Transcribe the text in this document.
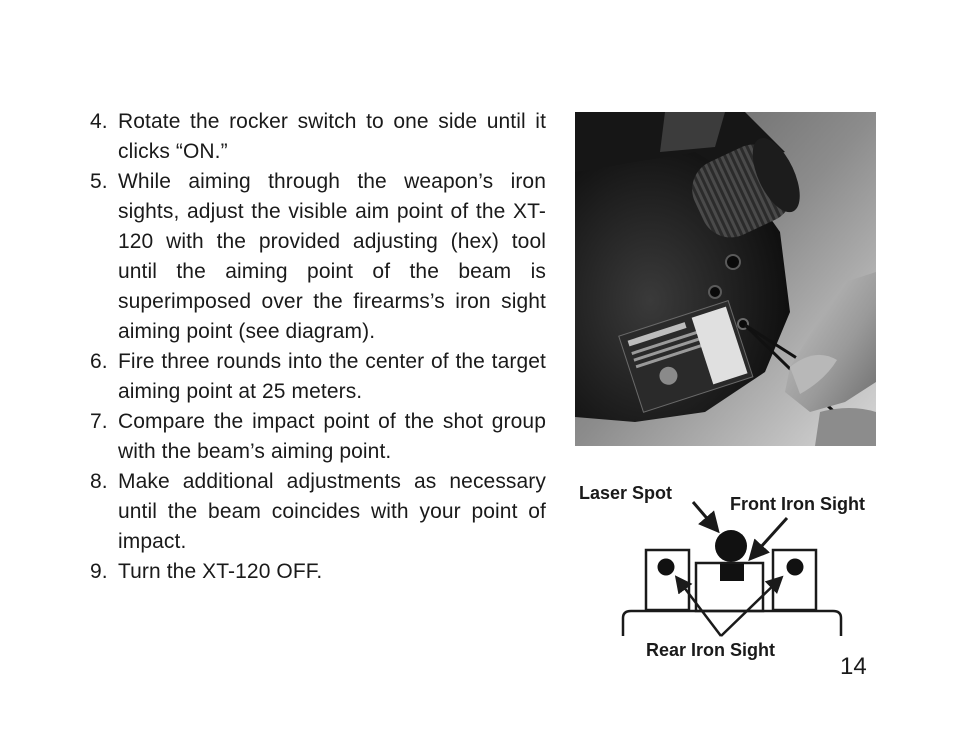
4. Rotate the rocker switch to one side until it clicks “ON.”
5. While aiming through the weapon’s iron sights, adjust the visible aim point of the XT-120 with the provided adjusting (hex) tool until the aiming point of the beam is superimposed over the firearms’s iron sight aiming point (see diagram).
6. Fire three rounds into the center of the target aiming point at 25 meters.
7. Compare the impact point of the shot group with the beam’s aiming point.
8. Make additional adjustments as necessary until the beam coincides with your point of impact.
9. Turn the XT-120 OFF.
Laser Spot
Front Iron Sight
Rear Iron Sight
14
